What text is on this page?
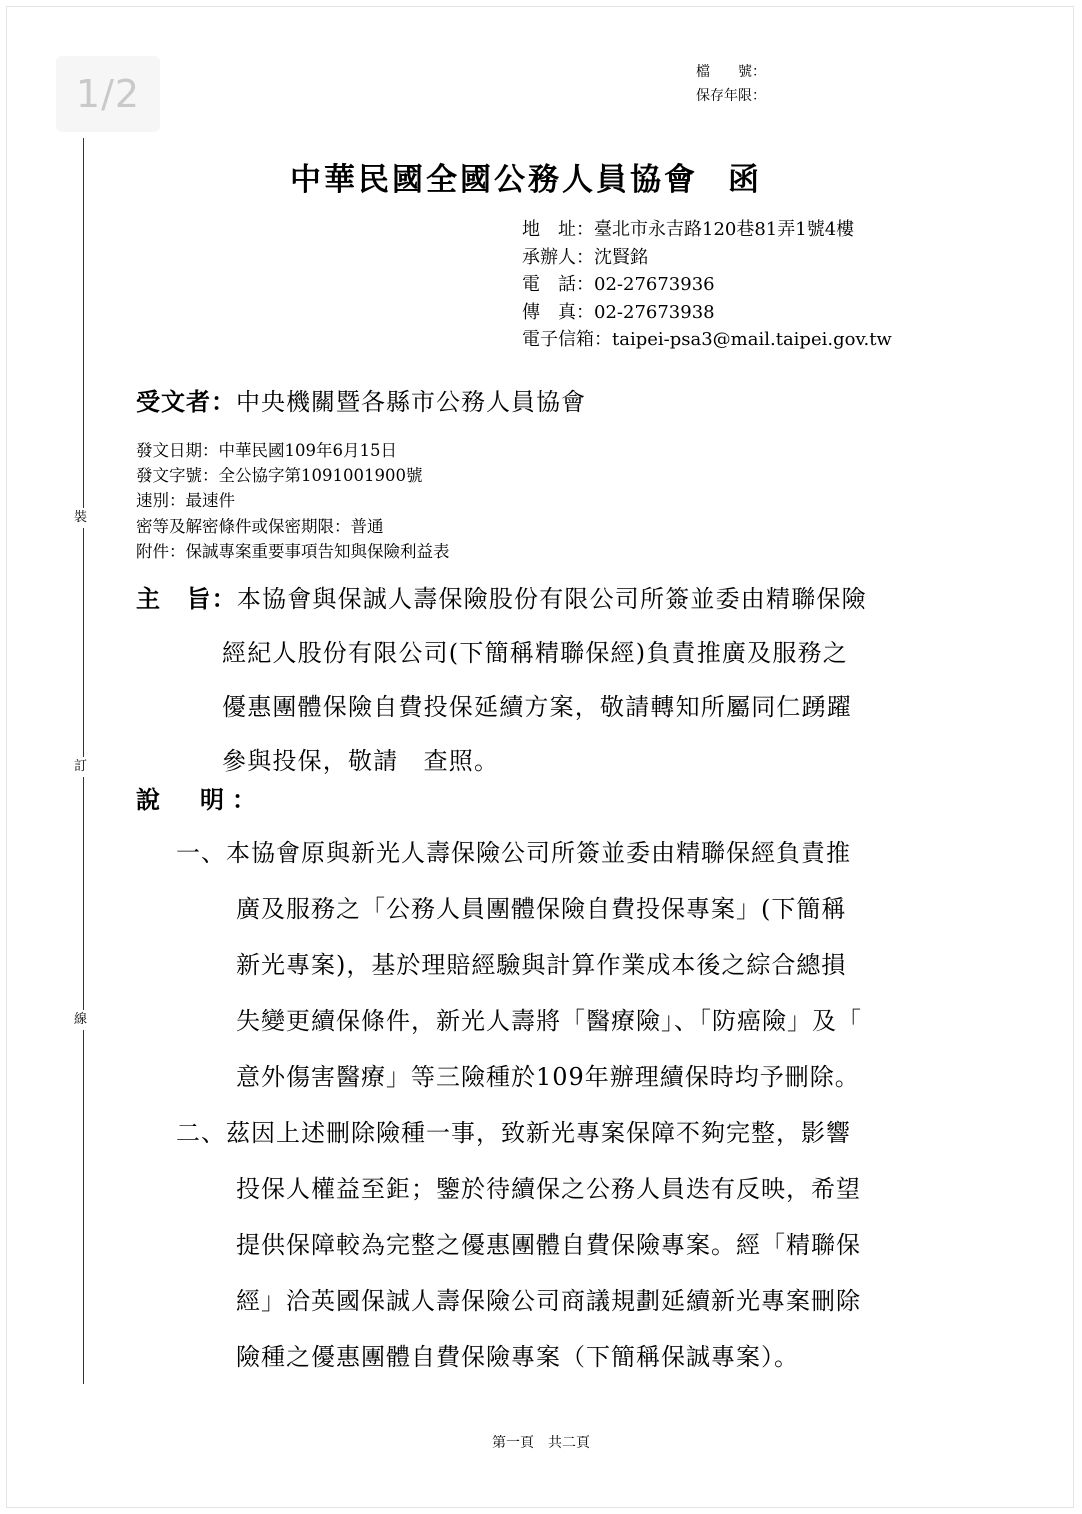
1/2
裝
訂
線
檔　　號：
保存年限：
中華民國全國公務人員協會 函
地　址：臺北市永吉路120巷81弄1號4樓
承辦人：沈賢銘
電　話：02-27673936
傳　真：02-27673938
電子信箱：taipei-psa3@mail.taipei.gov.tw
受文者：中央機關暨各縣市公務人員協會
發文日期：中華民國109年6月15日
發文字號：全公協字第1091001900號
速別：最速件
密等及解密條件或保密期限：普通
附件：保誠專案重要事項告知與保險利益表
主　旨：本協會與保誠人壽保險股份有限公司所簽並委由精聯保險
經紀人股份有限公司(下簡稱精聯保經)負責推廣及服務之
優惠團體保險自費投保延續方案，敬請轉知所屬同仁踴躍
參與投保，敬請　查照。
說　明：
一、本協會原與新光人壽保險公司所簽並委由精聯保經負責推
廣及服務之「公務人員團體保險自費投保專案」(下簡稱
新光專案)，基於理賠經驗與計算作業成本後之綜合總損
失變更續保條件，新光人壽將「醫療險」、「防癌險」及「
意外傷害醫療」等三險種於109年辦理續保時均予刪除。
二、茲因上述刪除險種一事，致新光專案保障不夠完整，影響
投保人權益至鉅；鑒於待續保之公務人員迭有反映，希望
提供保障較為完整之優惠團體自費保險專案。經「精聯保
經」洽英國保誠人壽保險公司商議規劃延續新光專案刪除
險種之優惠團體自費保險專案（下簡稱保誠專案）。
第一頁　共二頁
